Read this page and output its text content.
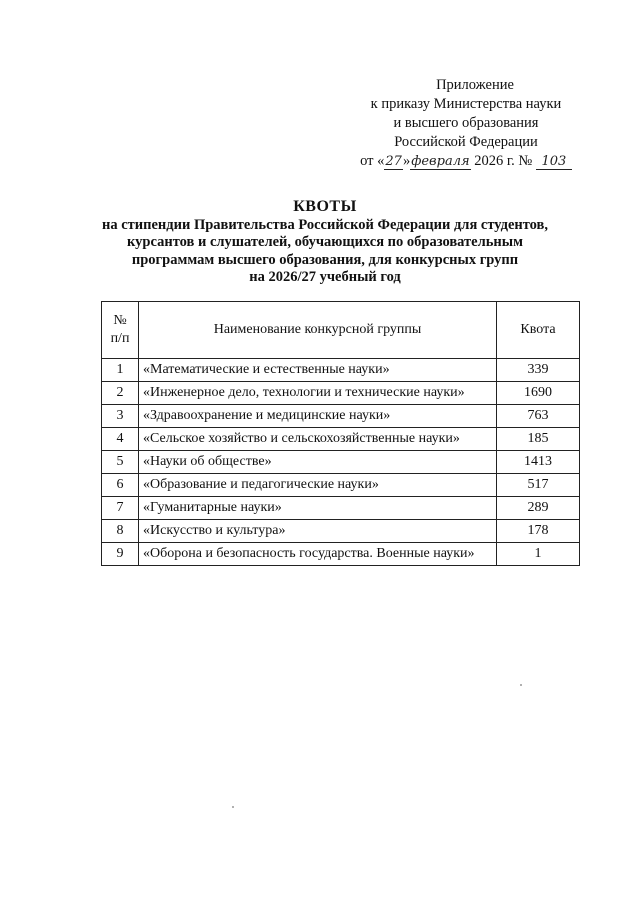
Приложение
к приказу Министерства науки
и высшего образования
Российской Федерации
от «27»февраля 2026 г. № 103
КВОТЫ
на стипендии Правительства Российской Федерации для студентов,
курсантов и слушателей, обучающихся по образовательным
программам высшего образования, для конкурсных групп
на 2026/27 учебный год
№
п/п	Наименование конкурсной группы	Квота
1	«Математические и естественные науки»	339
2	«Инженерное дело, технологии и технические науки»	1690
3	«Здравоохранение и медицинские науки»	763
4	«Сельское хозяйство и сельскохозяйственные науки»	185
5	«Науки об обществе»	1413
6	«Образование и педагогические науки»	517
7	«Гуманитарные науки»	289
8	«Искусство и культура»	178
9	«Оборона и безопасность государства. Военные науки»	1
